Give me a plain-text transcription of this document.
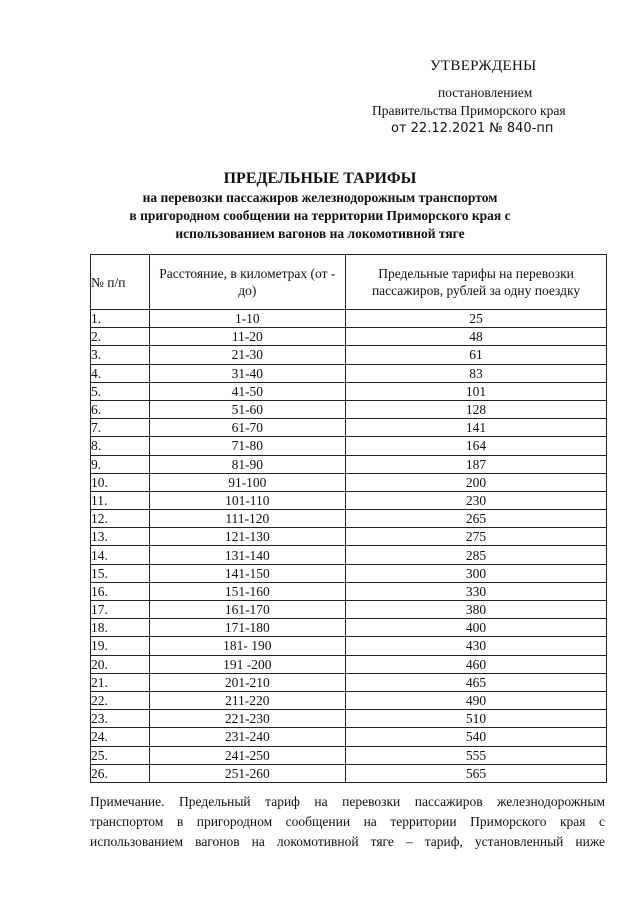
УТВЕРЖДЕНЫ
постановлением
Правительства Приморского края
от 22.12.2021 № 840-пп
ПРЕДЕЛЬНЫЕ ТАРИФЫ
на перевозки пассажиров железнодорожным транспортом
в пригородном сообщении на территории Приморского края с
использованием вагонов на локомотивной тяге
№ п/п	Расстояние, в километрах (от - до)	Предельные тарифы на перевозки пассажиров, рублей за одну поездку
1.	1-10	25
2.	11-20	48
3.	21-30	61
4.	31-40	83
5.	41-50	101
6.	51-60	128
7.	61-70	141
8.	71-80	164
9.	81-90	187
10.	91-100	200
11.	101-110	230
12.	111-120	265
13.	121-130	275
14.	131-140	285
15.	141-150	300
16.	151-160	330
17.	161-170	380
18.	171-180	400
19.	181- 190	430
20.	191 -200	460
21.	201-210	465
22.	211-220	490
23.	221-230	510
24.	231-240	540
25.	241-250	555
26.	251-260	565
Примечание. Предельный тариф на перевозки пассажиров железнодорожным
транспортом в пригородном сообщении на территории Приморского края с
использованием вагонов на локомотивной тяге – тариф, установленный ниже
